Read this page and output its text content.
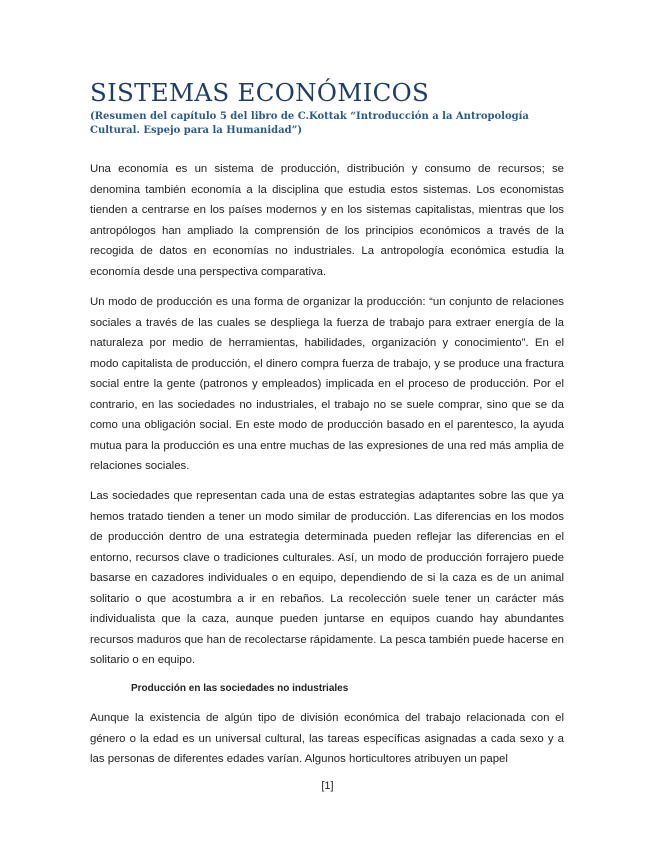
SISTEMAS ECONÓMICOS
(Resumen del capítulo 5 del libro de C.Kottak “Introducción a la Antropología Cultural. Espejo para la Humanidad”)

Una economía es un sistema de producción, distribución y consumo de recursos; se denomina también economía a la disciplina que estudia estos sistemas. Los economistas tienden a centrarse en los países modernos y en los sistemas capitalistas, mientras que los antropólogos han ampliado la comprensión de los principios económicos a través de la recogida de datos en economías no industriales. La antropología económica estudia la economía desde una perspectiva comparativa.

Un modo de producción es una forma de organizar la producción: “un conjunto de relaciones sociales a través de las cuales se despliega la fuerza de trabajo para extraer energía de la naturaleza por medio de herramientas, habilidades, organización y conocimiento”. En el modo capitalista de producción, el dinero compra fuerza de trabajo, y se produce una fractura social entre la gente (patronos y empleados) implicada en el proceso de producción. Por el contrario, en las sociedades no industriales, el trabajo no se suele comprar, sino que se da como una obligación social. En este modo de producción basado en el parentesco, la ayuda mutua para la producción es una entre muchas de las expresiones de una red más amplia de relaciones sociales.

Las sociedades que representan cada una de estas estrategias adaptantes sobre las que ya hemos tratado tienden a tener un modo similar de producción. Las diferencias en los modos de producción dentro de una estrategia determinada pueden reflejar las diferencias en el entorno, recursos clave o tradiciones culturales. Así, un modo de producción forrajero puede basarse en cazadores individuales o en equipo, dependiendo de si la caza es de un animal solitario o que acostumbra a ir en rebaños. La recolección suele tener un carácter más individualista que la caza, aunque pueden juntarse en equipos cuando hay abundantes recursos maduros que han de recolectarse rápidamente. La pesca también puede hacerse en solitario o en equipo.

Producción en las sociedades no industriales

Aunque la existencia de algún tipo de división económica del trabajo relacionada con el género o la edad es un universal cultural, las tareas específicas asignadas a cada sexo y a las personas de diferentes edades varían. Algunos horticultores atribuyen un papel

[1]
